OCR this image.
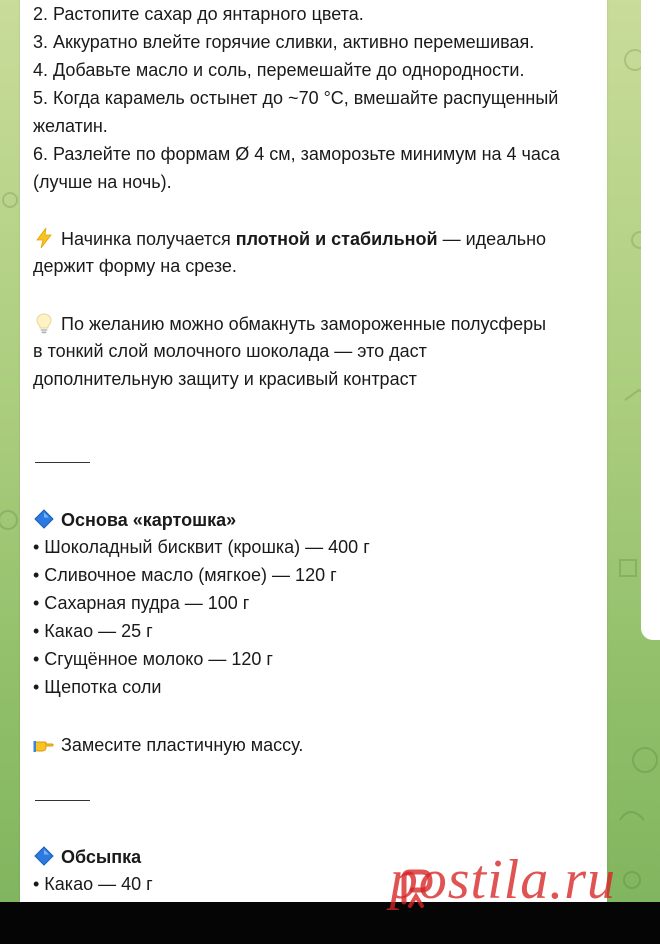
2. Растопите сахар до янтарного цвета.
3. Аккуратно влейте горячие сливки, активно перемешивая.
4. Добавьте масло и соль, перемешайте до однородности.
5. Когда карамель остынет до ~70 °С, вмешайте распущенный
желатин.
6. Разлейте по формам Ø 4 см, заморозьте минимум на 4 часа
(лучше на ночь).
Начинка получается плотной и стабильной — идеально
держит форму на срезе.
По желанию можно обмакнуть замороженные полусферы
в тонкий слой молочного шоколада — это даст
дополнительную защиту и красивый контраст
Основа «картошка»
• Шоколадный бисквит (крошка) — 400 г
• Сливочное масло (мягкое) — 120 г
• Сахарная пудра — 100 г
• Какао — 25 г
• Сгущённое молоко — 120 г
• Щепотка соли
Замесите пластичную массу.
Обсыпка
• Какао — 40 г	postila.ru
